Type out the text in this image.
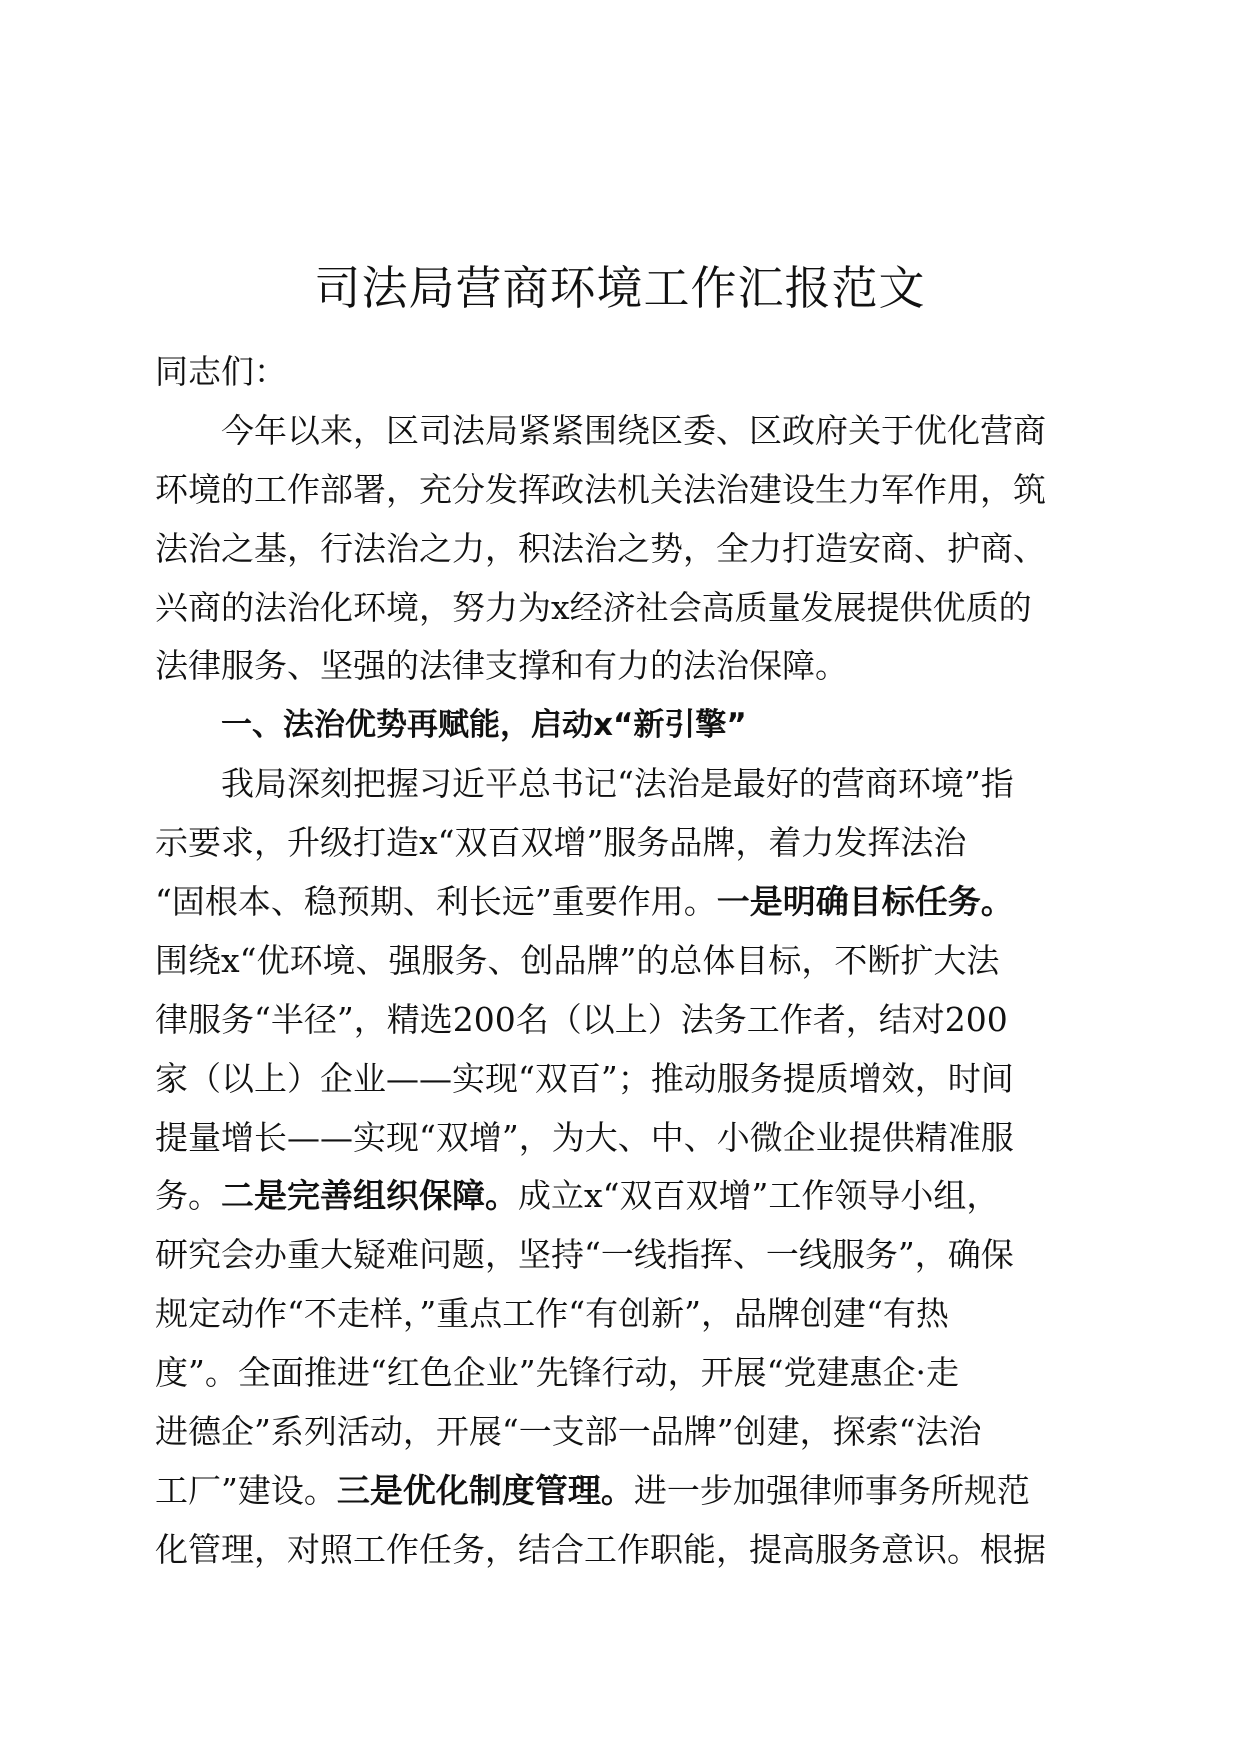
司法局营商环境工作汇报范文

同志们：

今年以来，区司法局紧紧围绕区委、区政府关于优化营商

环境的工作部署，充分发挥政法机关法治建设生力军作用，筑

法治之基，行法治之力，积法治之势，全力打造安商、护商、

兴商的法治化环境，努力为x经济社会高质量发展提供优质的

法律服务、坚强的法律支撑和有力的法治保障。

一、法治优势再赋能，启动x“新引擎”

我局深刻把握习近平总书记“法治是最好的营商环境”指

示要求，升级打造x“双百双增”服务品牌，着力发挥法治

“固根本、稳预期、利长远”重要作用。一是明确目标任务。

围绕x“优环境、强服务、创品牌”的总体目标，不断扩大法

律服务“半径”，精选200名（以上）法务工作者，结对200

家（以上）企业——实现“双百”；推动服务提质增效，时间

提量增长——实现“双增”，为大、中、小微企业提供精准服

务。二是完善组织保障。成立x“双百双增”工作领导小组，

研究会办重大疑难问题，坚持“一线指挥、一线服务”，确保

规定动作“不走样，”重点工作“有创新”，品牌创建“有热

度”。全面推进“红色企业”先锋行动，开展“党建惠企·走

进德企”系列活动，开展“一支部一品牌”创建，探索“法治

工厂”建设。三是优化制度管理。进一步加强律师事务所规范

化管理，对照工作任务，结合工作职能，提高服务意识。根据
